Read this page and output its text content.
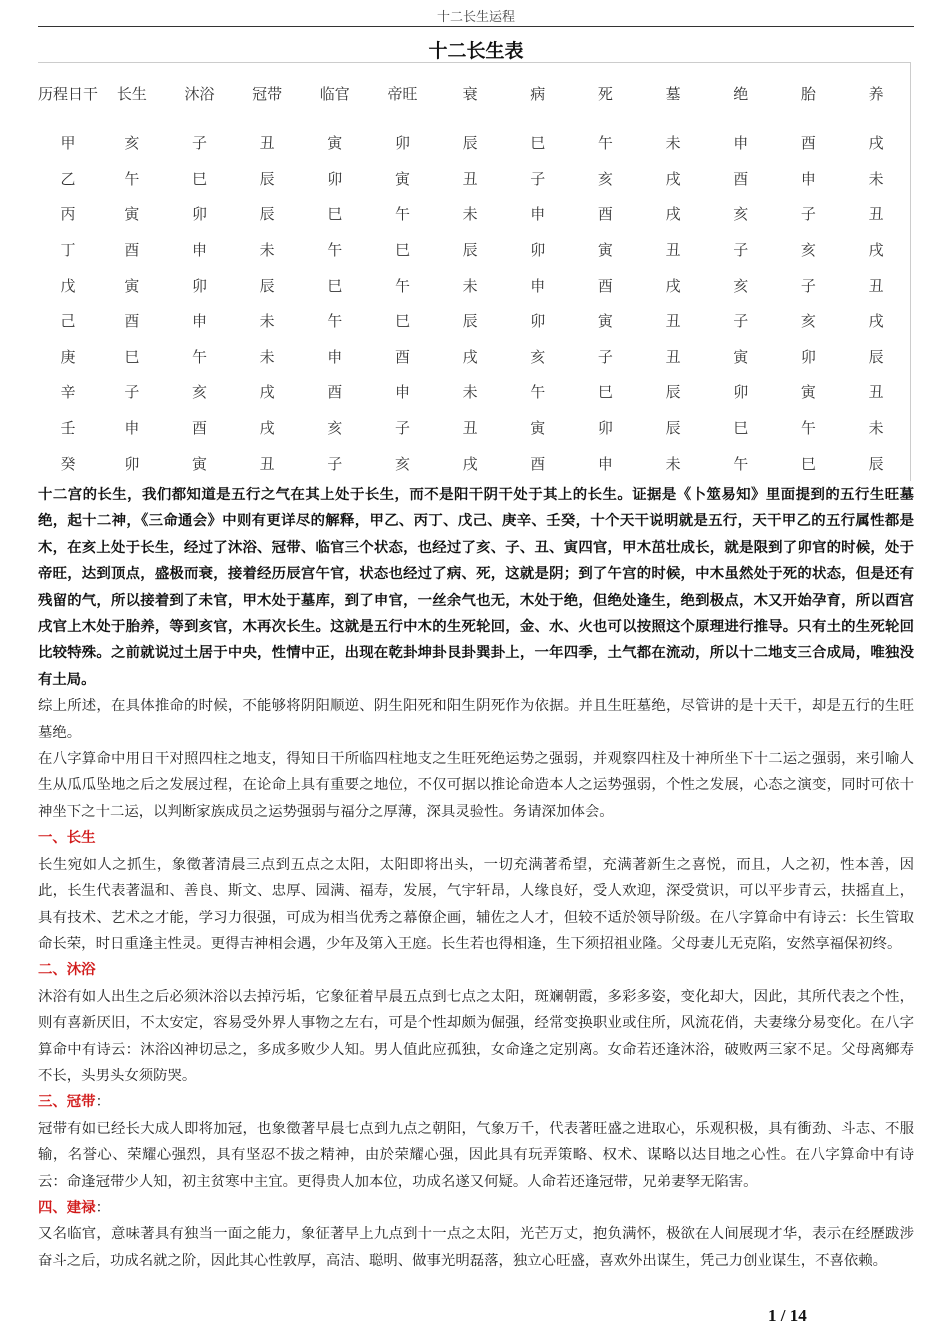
十二长生运程
十二长生表
历程日干	长生	沐浴	冠带	临官	帝旺	衰	病	死	墓	绝	胎	养
甲	亥	子	丑	寅	卯	辰	巳	午	未	申	酉	戌
乙	午	巳	辰	卯	寅	丑	子	亥	戌	酉	申	未
丙	寅	卯	辰	巳	午	未	申	酉	戌	亥	子	丑
丁	酉	申	未	午	巳	辰	卯	寅	丑	子	亥	戌
戊	寅	卯	辰	巳	午	未	申	酉	戌	亥	子	丑
己	酉	申	未	午	巳	辰	卯	寅	丑	子	亥	戌
庚	巳	午	未	申	酉	戌	亥	子	丑	寅	卯	辰
辛	子	亥	戌	酉	申	未	午	巳	辰	卯	寅	丑
壬	申	酉	戌	亥	子	丑	寅	卯	辰	巳	午	未
癸	卯	寅	丑	子	亥	戌	酉	申	未	午	巳	辰

十二宫的长生，我们都知道是五行之气在其上处于长生，而不是阳干阴干处于其上的长生。证据是《卜筮易知》里面提到的五行生旺墓绝，起十二神，《三命通会》中则有更详尽的解释，甲乙、丙丁、戊己、庚辛、壬癸，十个天干说明就是五行，天干甲乙的五行属性都是木，在亥上处于长生，经过了沐浴、冠带、临官三个状态，也经过了亥、子、丑、寅四官，甲木茁壮成长，就是限到了卯官的时候，处于帝旺，达到顶点，盛极而衰，接着经历辰宫午官，状态也经过了病、死，这就是阴；到了午宫的时候，中木虽然处于死的状态，但是还有残留的气，所以接着到了未官，甲木处于墓库，到了申官，一丝余气也无，木处于绝，但绝处逢生，绝到极点，木又开始孕育，所以酉宫戌官上木处于胎养，等到亥官，木再次长生。这就是五行中木的生死轮回，金、水、火也可以按照这个原理进行推导。只有土的生死轮回比较特殊。之前就说过土居于中央，性情中正，出现在乾卦坤卦艮卦巽卦上，一年四季，土气都在流动，所以十二地支三合成局，唯独没有土局。

综上所述，在具体推命的时候，不能够将阴阳顺逆、阴生阳死和阳生阴死作为依据。并且生旺墓绝，尽管讲的是十天干，却是五行的生旺墓绝。

在八字算命中用日干对照四柱之地支，得知日干所临四柱地支之生旺死绝运势之强弱，并观察四柱及十神所坐下十二运之强弱，来引喻人生从瓜瓜坠地之后之发展过程，在论命上具有重要之地位，不仅可据以推论命造本人之运势强弱，个性之发展，心态之演变，同时可依十神坐下之十二运，以判断家族成员之运势强弱与福分之厚薄，深具灵验性。务请深加体会。

一、长生

长生宛如人之抓生，象徵著清晨三点到五点之太阳，太阳即将出头，一切充满著希望，充满著新生之喜悦，而且，人之初，性本善，因此，长生代表著温和、善良、斯文、忠厚、园满、福寿，发展，气宇轩昂，人缘良好，受人欢迎，深受赏识，可以平步青云，扶摇直上，具有技术、艺术之才能，学习力很强，可成为相当优秀之幕僚企画，辅佐之人才，但较不适於领导阶级。在八字算命中有诗云：长生管取命长荣，时日重逢主性灵。更得吉神相会遇，少年及第入王庭。长生若也得相逢，生下须招祖业隆。父母妻儿无克陷，安然享福保初终。

二、沐浴

沐浴有如人出生之后必须沐浴以去掉污垢，它象征着早晨五点到七点之太阳，斑斓朝霞，多彩多姿，变化却大，因此，其所代表之个性，则有喜新厌旧，不太安定，容易受外界人事物之左右，可是个性却颇为倔强，经常变换职业或住所，风流花俏，夫妻缘分易变化。在八字算命中有诗云：沐浴凶神切忌之，多成多败少人知。男人值此应孤独，女命逢之定别离。女命若还逢沐浴，破败两三家不足。父母离鄉寿不长，头男头女须防哭。

三、冠带：

冠带有如已经长大成人即将加冠，也象徵著早晨七点到九点之朝阳，气象万千，代表著旺盛之进取心，乐观积极，具有衝劲、斗志、不服输，名誉心、荣耀心强烈，具有坚忍不拔之精神，由於荣耀心强，因此具有玩弄策略、权术、谋略以达目地之心性。在八字算命中有诗云：命逢冠带少人知，初主贫寒中主宜。更得贵人加本位，功成名遂又何疑。人命若还逢冠带，兄弟妻孥无陷害。

四、建禄：

又名临官，意味著具有独当一面之能力，象征著早上九点到十一点之太阳，光芒万丈，抱负满怀，极欲在人间展现才华，表示在经歷跋涉奋斗之后，功成名就之阶，因此其心性敦厚，高洁、聪明、做事光明磊落，独立心旺盛，喜欢外出谋生，凭己力创业谋生，不喜依赖。

1 / 14
